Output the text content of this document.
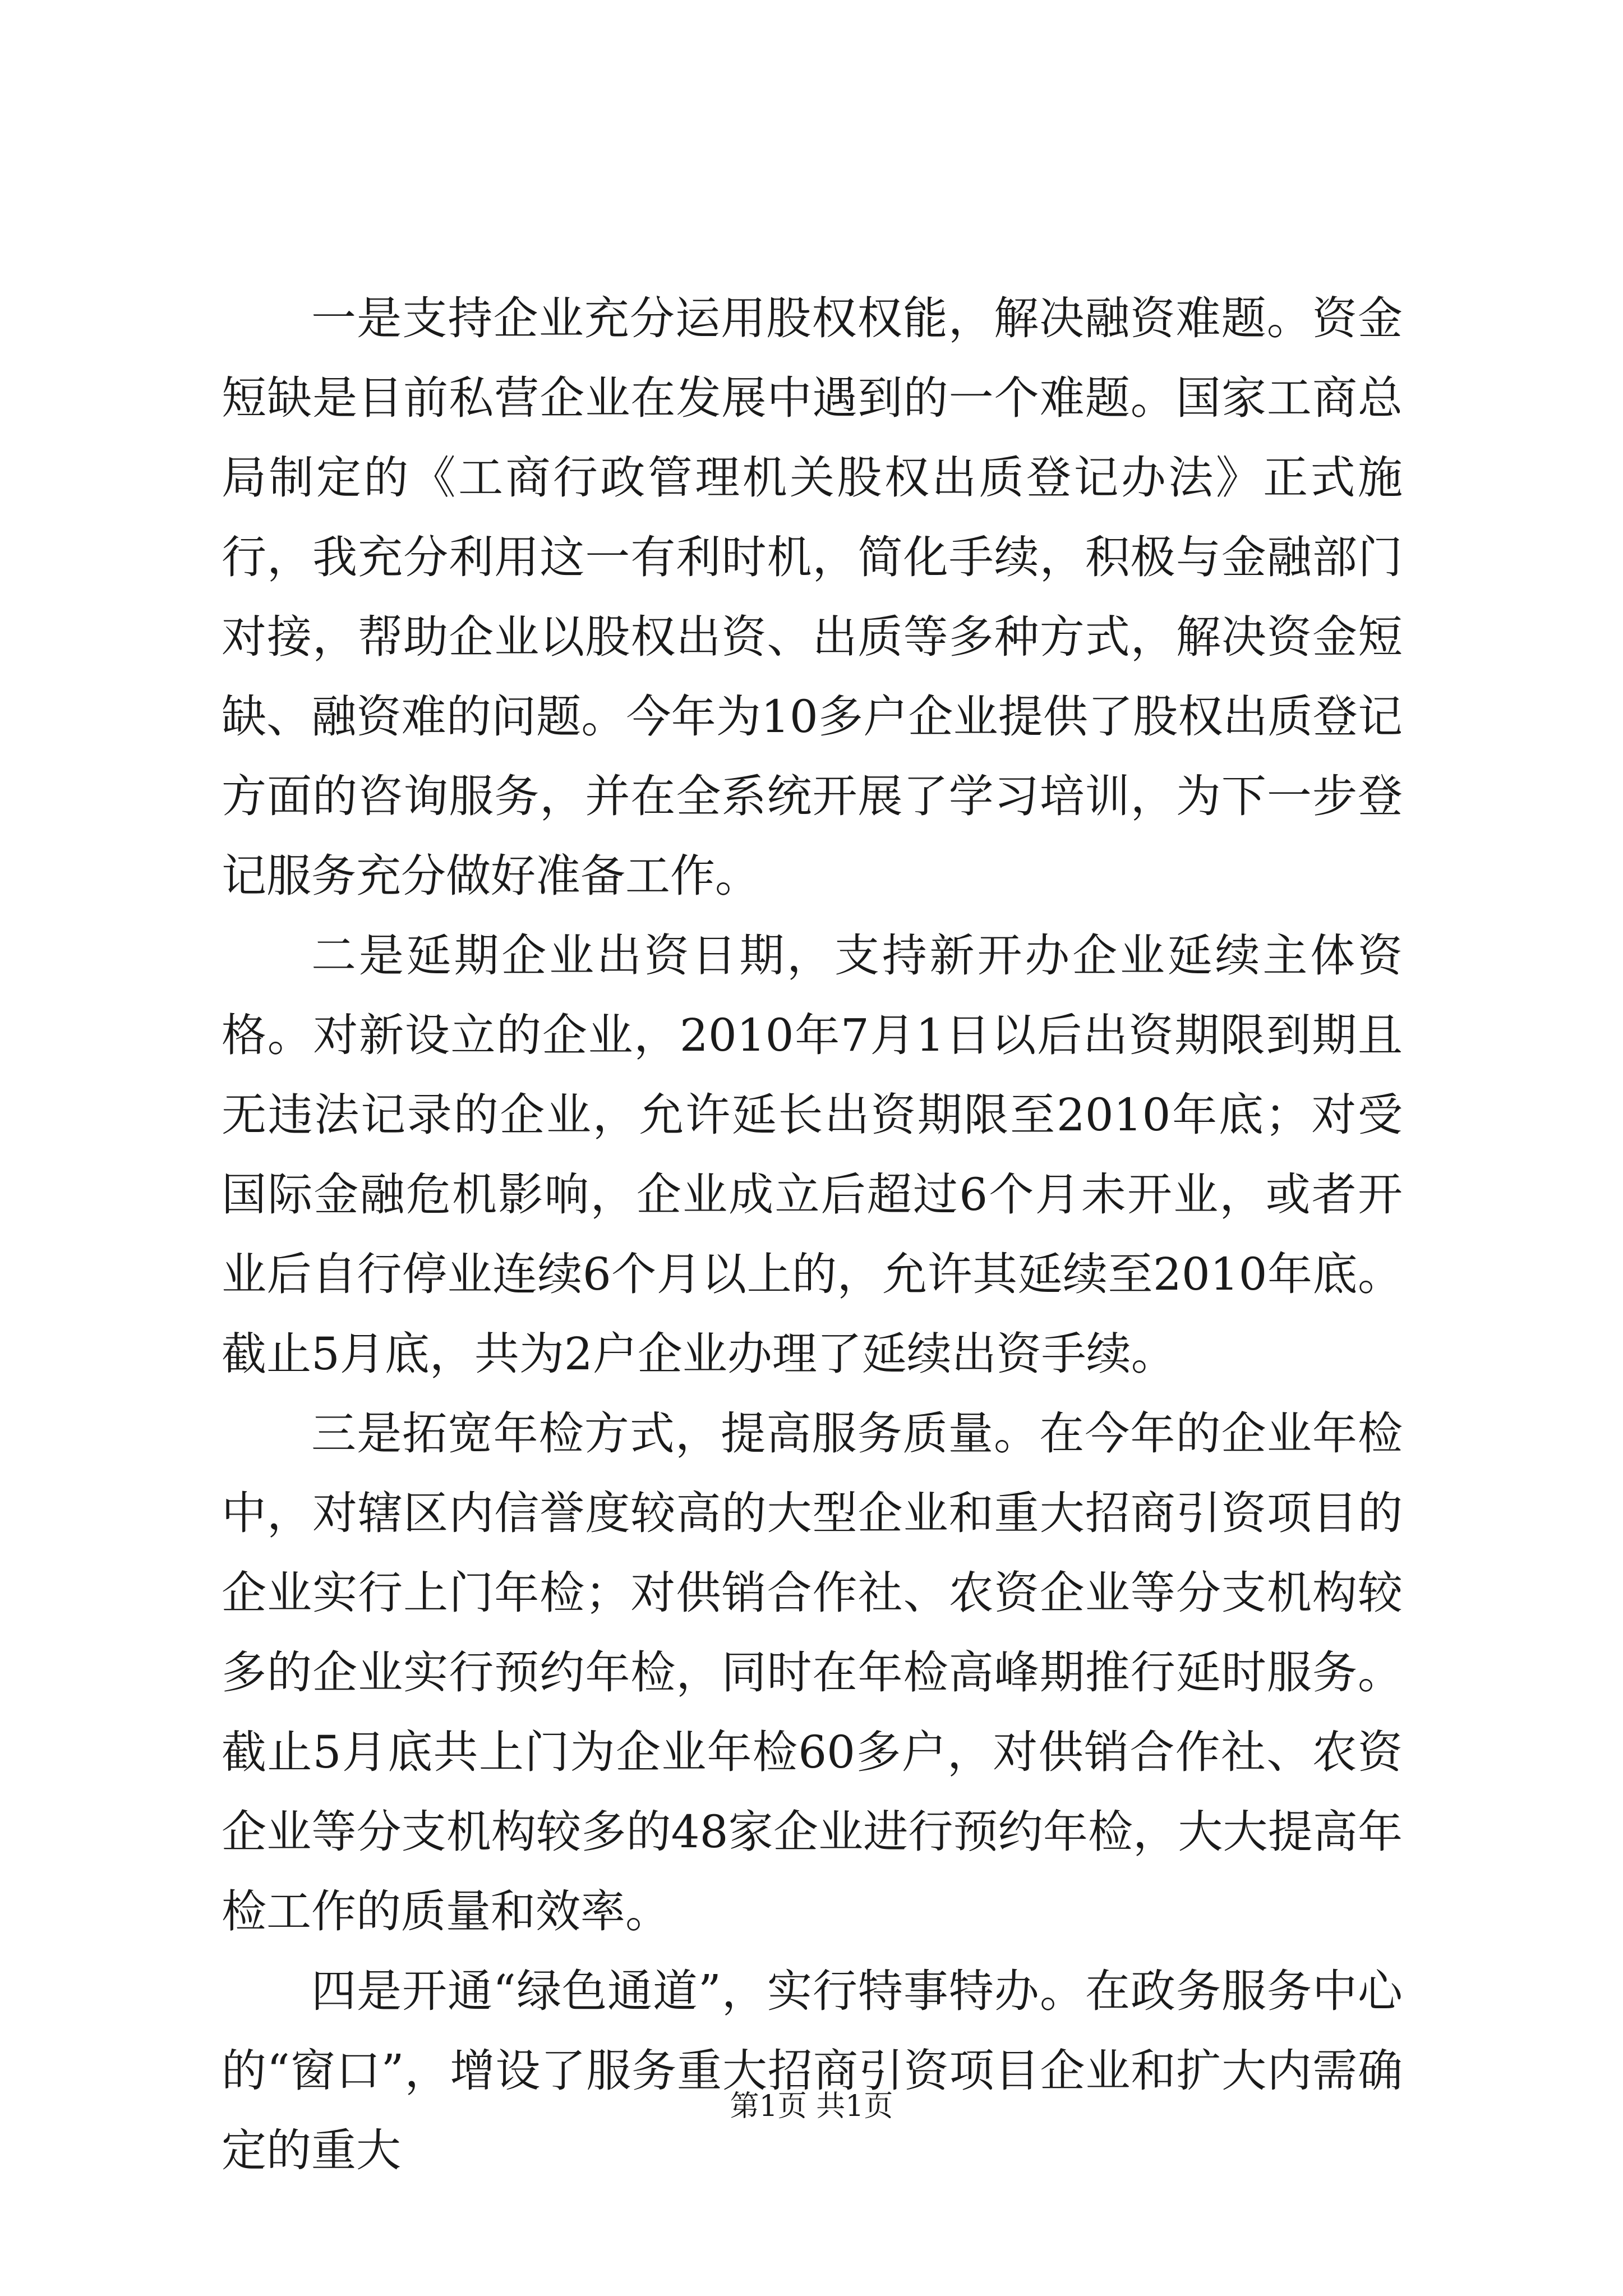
一是支持企业充分运用股权权能，解决融资难题。资金短缺是目前私营企业在发展中遇到的一个难题。国家工商总局制定的《工商行政管理机关股权出质登记办法》正式施行，我充分利用这一有利时机，简化手续，积极与金融部门对接，帮助企业以股权出资、出质等多种方式，解决资金短缺、融资难的问题。今年为10多户企业提供了股权出质登记方面的咨询服务，并在全系统开展了学习培训，为下一步登记服务充分做好准备工作。

二是延期企业出资日期，支持新开办企业延续主体资格。对新设立的企业，2010年7月1日以后出资期限到期且无违法记录的企业，允许延长出资期限至2010年底；对受国际金融危机影响，企业成立后超过6个月未开业，或者开业后自行停业连续6个月以上的，允许其延续至2010年底。截止5月底，共为2户企业办理了延续出资手续。

三是拓宽年检方式，提高服务质量。在今年的企业年检中，对辖区内信誉度较高的大型企业和重大招商引资项目的企业实行上门年检；对供销合作社、农资企业等分支机构较多的企业实行预约年检，同时在年检高峰期推行延时服务。截止5月底共上门为企业年检60多户，对供销合作社、农资企业等分支机构较多的48家企业进行预约年检，大大提高年检工作的质量和效率。

四是开通“绿色通道”，实行特事特办。在政务服务中心的“窗口”，增设了服务重大招商引资项目企业和扩大内需确定的重大

第1页 共1页
